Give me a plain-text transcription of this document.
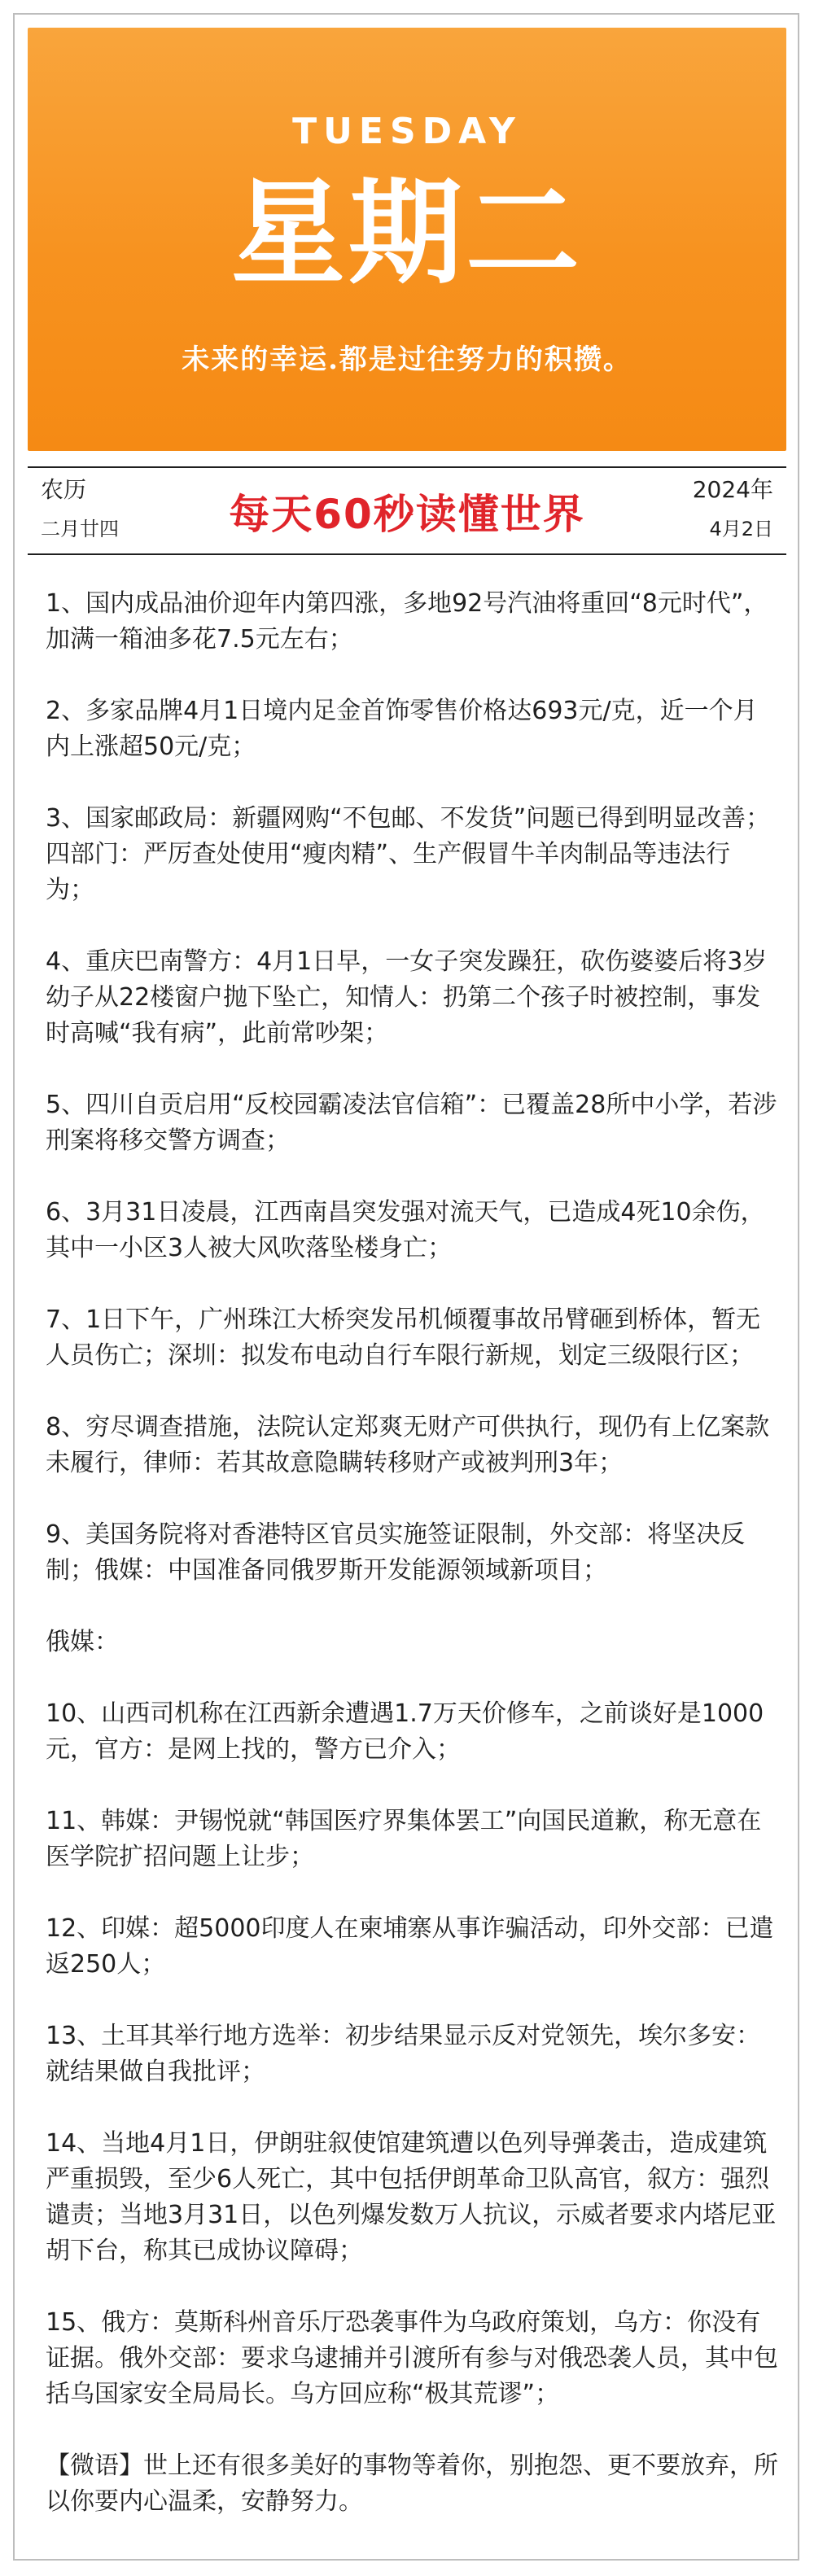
TUESDAY
星期二
未来的幸运.都是过往努力的积攒。
农历
二月廿四	每天60秒读懂世界
2024年
4月2日

1、国内成品油价迎年内第四涨，多地92号汽油将重回“8元时代”，加满一箱油多花7.5元左右；

2、多家品牌4月1日境内足金首饰零售价格达693元/克，近一个月内上涨超50元/克；

3、国家邮政局：新疆网购“不包邮、不发货”问题已得到明显改善；四部门：严厉查处使用“瘦肉精”、生产假冒牛羊肉制品等违法行为；

4、重庆巴南警方：4月1日早，一女子突发躁狂，砍伤婆婆后将3岁幼子从22楼窗户抛下坠亡，知情人：扔第二个孩子时被控制，事发时高喊“我有病”，此前常吵架；

5、四川自贡启用“反校园霸凌法官信箱”：已覆盖28所中小学，若涉刑案将移交警方调查；

6、3月31日凌晨，江西南昌突发强对流天气，已造成4死10余伤，其中一小区3人被大风吹落坠楼身亡；

7、1日下午，广州珠江大桥突发吊机倾覆事故吊臂砸到桥体，暂无人员伤亡；深圳：拟发布电动自行车限行新规，划定三级限行区；

8、穷尽调查措施，法院认定郑爽无财产可供执行，现仍有上亿案款未履行，律师：若其故意隐瞒转移财产或被判刑3年；

9、美国务院将对香港特区官员实施签证限制，外交部：将坚决反制；俄媒：中国准备同俄罗斯开发能源领域新项目；

俄媒：

10、山西司机称在江西新余遭遇1.7万天价修车，之前谈好是1000元，官方：是网上找的，警方已介入；

11、韩媒：尹锡悦就“韩国医疗界集体罢工”向国民道歉，称无意在医学院扩招问题上让步；

12、印媒：超5000印度人在柬埔寨从事诈骗活动，印外交部：已遣返250人；

13、土耳其举行地方选举：初步结果显示反对党领先，埃尔多安：就结果做自我批评；

14、当地4月1日，伊朗驻叙使馆建筑遭以色列导弹袭击，造成建筑严重损毁，至少6人死亡，其中包括伊朗革命卫队高官，叙方：强烈谴责；当地3月31日，以色列爆发数万人抗议，示威者要求内塔尼亚胡下台，称其已成协议障碍；

15、俄方：莫斯科州音乐厅恐袭事件为乌政府策划，乌方：你没有证据。俄外交部：要求乌逮捕并引渡所有参与对俄恐袭人员，其中包括乌国家安全局局长。乌方回应称“极其荒谬”；

【微语】世上还有很多美好的事物等着你，别抱怨、更不要放弃，所以你要内心温柔，安静努力。
